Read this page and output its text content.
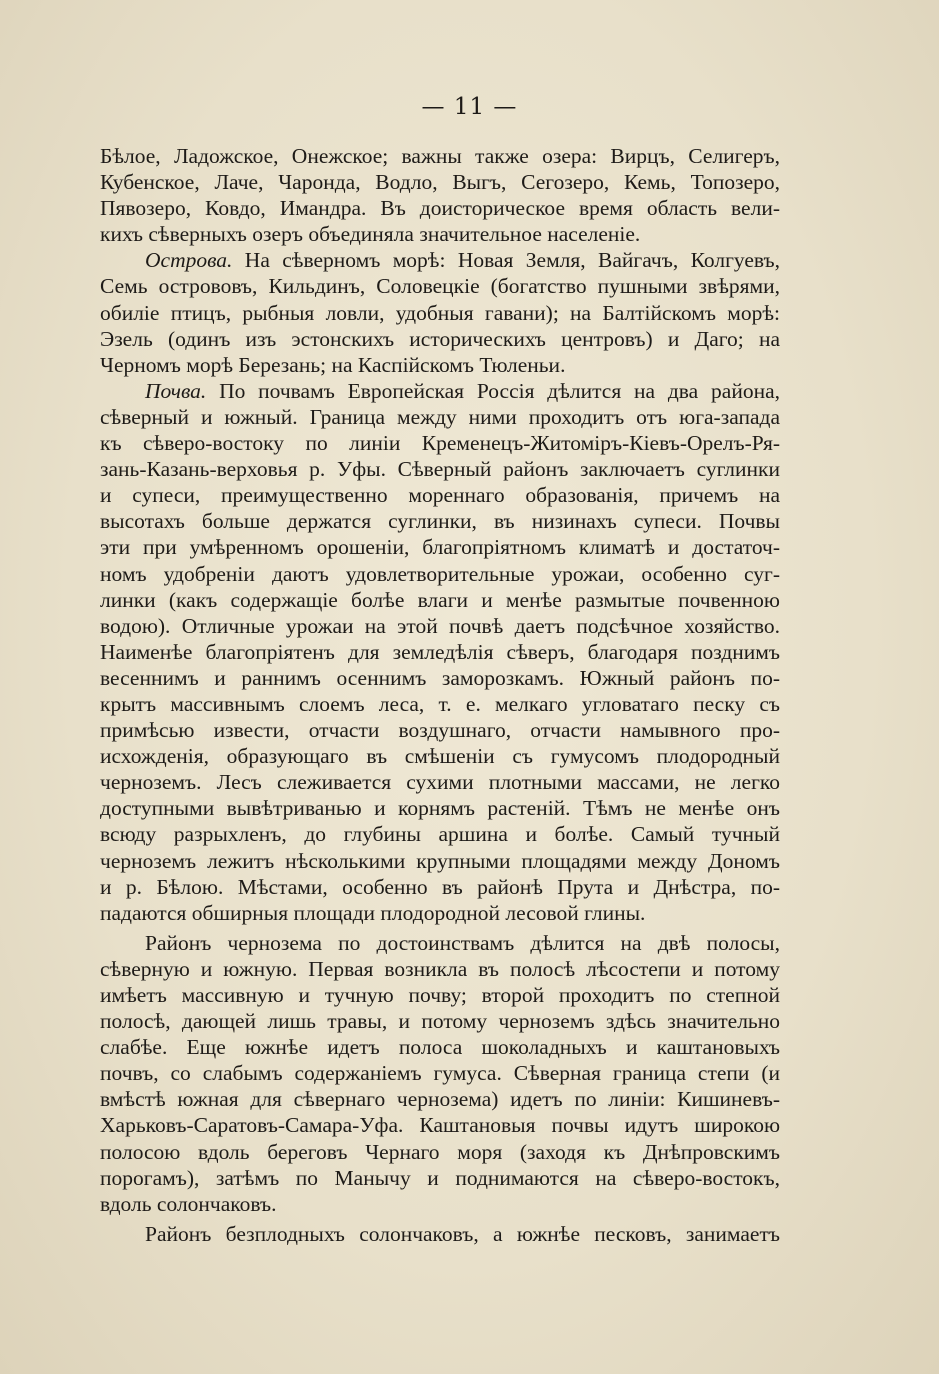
— 11 —
Бѣлое, Ладожское, Онежское; важны также озера: Вирцъ, Селигеръ,
Кубенское, Лаче, Чаронда, Водло, Выгъ, Сегозеро, Кемь, Топозеро,
Пявозеро, Ковдо, Имандра. Въ доисторическое время область вели-
кихъ сѣверныхъ озеръ объединяла значительное населеніе.
Острова. На сѣверномъ морѣ: Новая Земля, Вайгачъ, Колгуевъ,
Семь острововъ, Кильдинъ, Соловецкіе (богатство пушными звѣрями,
обиліе птицъ, рыбныя ловли, удобныя гавани); на Балтійскомъ морѣ:
Эзель (одинъ изъ эстонскихъ историческихъ центровъ) и Даго; на
Черномъ морѣ Березань; на Каспійскомъ Тюленьи.
Почва. По почвамъ Европейская Россія дѣлится на два района,
сѣверный и южный. Граница между ними проходитъ отъ юга-запада
къ сѣверо-востоку по линіи Кременецъ-Житоміръ-Кіевъ-Орелъ-Ря-
зань-Казань-верховья р. Уфы. Сѣверный районъ заключаетъ суглинки
и супеси, преимущественно мореннаго образованія, причемъ на
высотахъ больше держатся суглинки, въ низинахъ супеси. Почвы
эти при умѣренномъ орошеніи, благопріятномъ климатѣ и достаточ-
номъ удобреніи даютъ удовлетворительные урожаи, особенно суг-
линки (какъ содержащіе болѣе влаги и менѣе размытые почвенною
водою). Отличные урожаи на этой почвѣ даетъ подсѣчное хозяйство.
Наименѣе благопріятенъ для земледѣлія сѣверъ, благодаря позднимъ
весеннимъ и раннимъ осеннимъ заморозкамъ. Южный районъ по-
крытъ массивнымъ слоемъ леса, т. е. мелкаго угловатаго песку съ
примѣсью извести, отчасти воздушнаго, отчасти намывного про-
исхожденія, образующаго въ смѣшеніи съ гумусомъ плодородный
черноземъ. Лесъ слеживается сухими плотными массами, не легко
доступными вывѣтриванью и корнямъ растеній. Тѣмъ не менѣе онъ
всюду разрыхленъ, до глубины аршина и болѣе. Самый тучный
черноземъ лежитъ нѣсколькими крупными площадями между Дономъ
и р. Бѣлою. Мѣстами, особенно въ районѣ Прута и Днѣстра, по-
падаются обширныя площади плодородной лесовой глины.
Районъ чернозема по достоинствамъ дѣлится на двѣ полосы,
сѣверную и южную. Первая возникла въ полосѣ лѣсостепи и потому
имѣетъ массивную и тучную почву; второй проходитъ по степной
полосѣ, дающей лишь травы, и потому черноземъ здѣсь значительно
слабѣе. Еще южнѣе идетъ полоса шоколадныхъ и каштановыхъ
почвъ, со слабымъ содержаніемъ гумуса. Сѣверная граница степи (и
вмѣстѣ южная для сѣвернаго чернозема) идетъ по линіи: Кишиневъ-
Харьковъ-Саратовъ-Самара-Уфа. Каштановыя почвы идутъ широкою
полосою вдоль береговъ Чернаго моря (заходя къ Днѣпровскимъ
порогамъ), затѣмъ по Манычу и поднимаются на сѣверо-востокъ,
вдоль солончаковъ.
Районъ безплодныхъ солончаковъ, а южнѣе песковъ, занимаетъ
